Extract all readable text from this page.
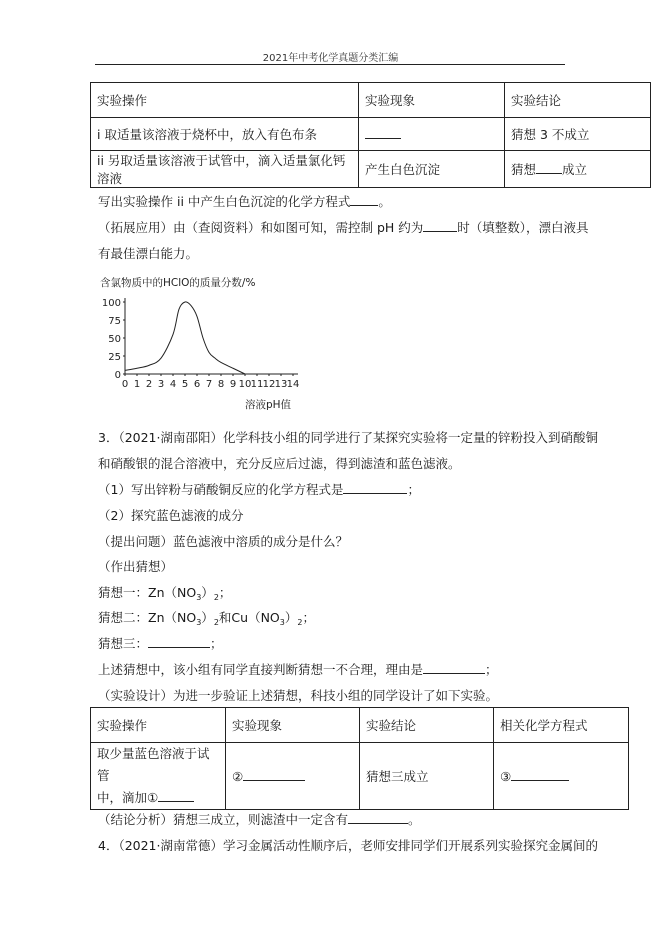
2021年中考化学真题分类汇编
实验操作	实验现象	实验结论
i 取适量该溶液于烧杯中，放入有色布条		猜想 3 不成立
ii 另取适量该溶液于试管中，滴入适量氯化钙溶液	产生白色沉淀	猜想 成立
写出实验操作 ii 中产生白色沉淀的化学方程式 。
（拓展应用）由（查阅资料）和如图可知，需控制 pH 约为	时（填整数），漂白液具
有最佳漂白能力。
含氯物质中的HClO的质量分数/%
0
25
50
75
100
0 1 2 3 4 5 6 7 8 9 10 11 12 13 14
溶液pH值
3．（2021·湖南邵阳）化学科技小组的同学进行了某探究实验将一定量的锌粉投入到硝酸铜
和硝酸银的混合溶液中，充分反应后过滤，得到滤渣和蓝色滤液。
（1）写出锌粉与硝酸铜反应的化学方程式是	；
（2）探究蓝色滤液的成分
（提出问题）蓝色滤液中溶质的成分是什么？
（作出猜想）
猜想一：$Zn(NO_3)_2$；
猜想二：$Zn(NO_3)_2$和$Cu(NO_3)_2$；
猜想三：	；
上述猜想中，该小组有同学直接判断猜想一不合理，理由是	；
（实验设计）为进一步验证上述猜想，科技小组的同学设计了如下实验。
实验操作	实验现象	实验结论	相关化学方程式

取少量蓝色溶液于试管
中，滴加①	②	猜想三成立	③
（结论分析）猜想三成立，则滤渣中一定含有	。
4．（2021·湖南常德）学习金属活动性顺序后，老师安排同学们开展系列实验探究金属间的
